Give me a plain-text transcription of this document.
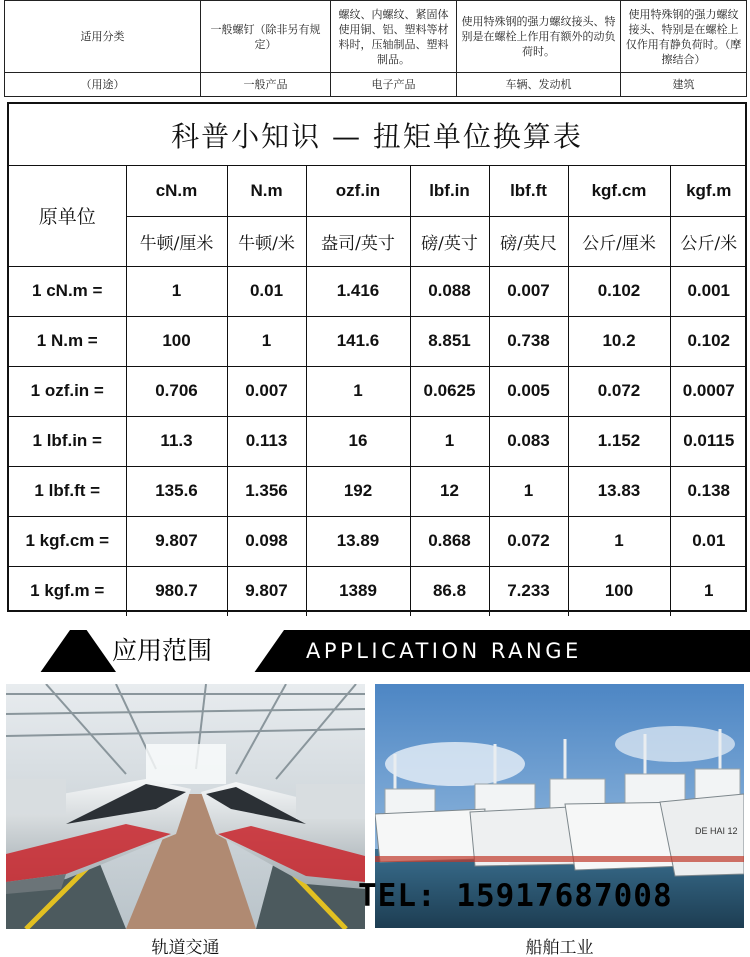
适用分类	一般螺钉（除非另有规定）	螺纹、内螺纹、紧固体使用铜、铝、塑料等材料时，压轴制品、塑料制品。	使用特殊钢的强力螺纹接头、特别是在螺栓上作用有额外的动负荷时。	使用特殊钢的强力螺纹接头、特别是在螺栓上仅作用有静负荷时。（摩擦结合）
（用途）	一般产品	电子产品	车辆、发动机	建筑
科普小知识 — 扭矩单位换算表
原单位	cN.m	N.m	ozf.in	lbf.in	lbf.ft	kgf.cm	kgf.m
	牛顿/厘米	牛顿/米	盎司/英寸	磅/英寸	磅/英尺	公斤/厘米	公斤/米
1 cN.m =	1	0.01	1.416	0.088	0.007	0.102	0.001
1 N.m =	100	1	141.6	8.851	0.738	10.2	0.102
1 ozf.in =	0.706	0.007	1	0.0625	0.005	0.072	0.0007
1 lbf.in =	11.3	0.113	16	1	0.083	1.152	0.0115
1 lbf.ft =	135.6	1.356	192	12	1	13.83	0.138
1 kgf.cm =	9.807	0.098	13.89	0.868	0.072	1	0.01
1 kgf.m =	980.7	9.807	1389	86.8	7.233	100	1
应用范围	APPLICATION RANGE
DE HAI 12
TEL: 15917687008
轨道交通	船舶工业
